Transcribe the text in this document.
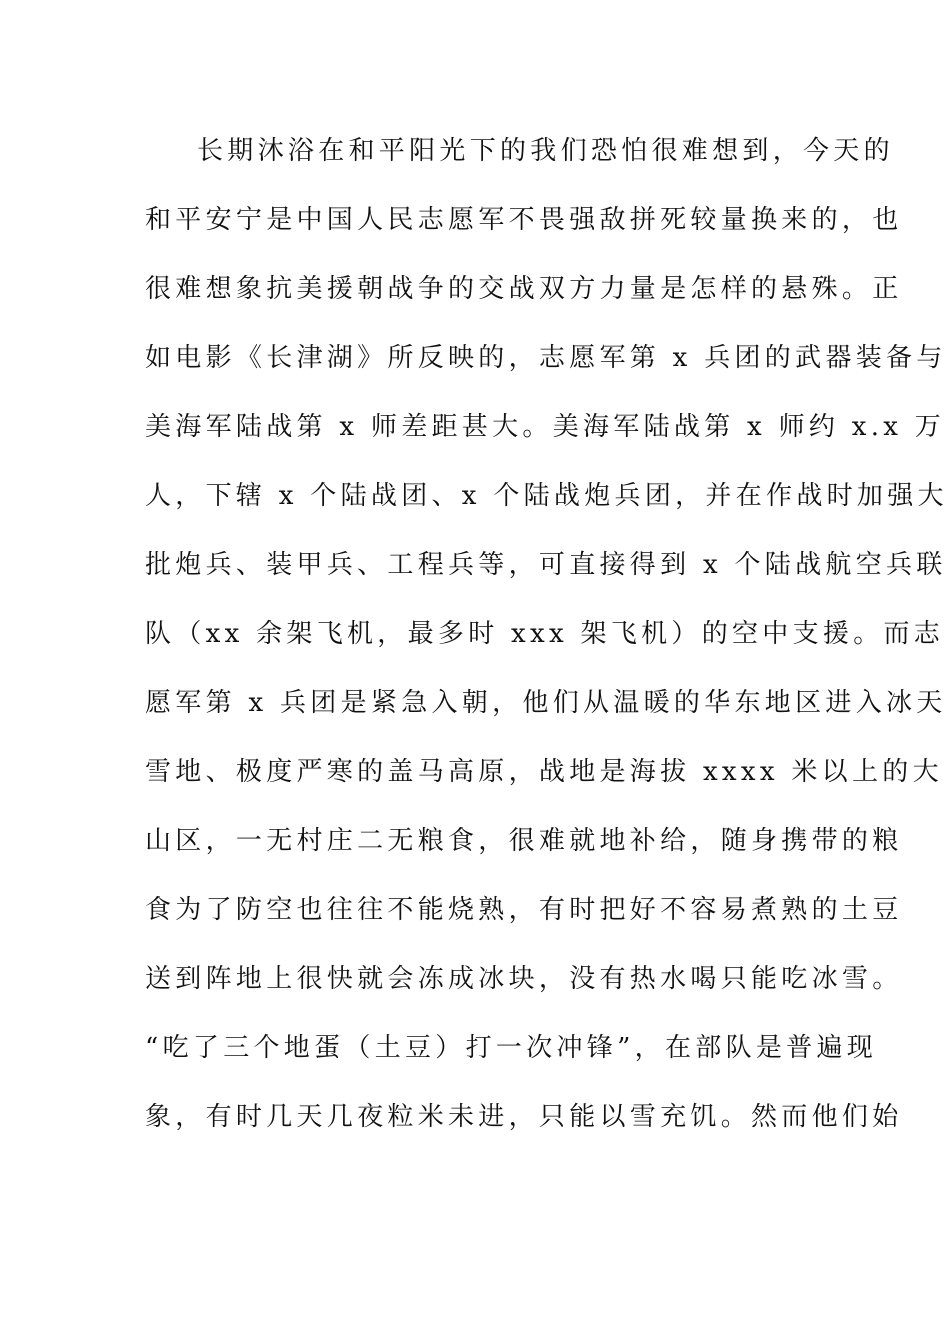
长期沐浴在和平阳光下的我们恐怕很难想到，今天的
和平安宁是中国人民志愿军不畏强敌拼死较量换来的，也
很难想象抗美援朝战争的交战双方力量是怎样的悬殊。正
如电影《长津湖》所反映的，志愿军第 x 兵团的武器装备与
美海军陆战第 x 师差距甚大。美海军陆战第 x 师约 x.x 万
人，下辖 x 个陆战团、x 个陆战炮兵团，并在作战时加强大
批炮兵、装甲兵、工程兵等，可直接得到 x 个陆战航空兵联
队（xx 余架飞机，最多时 xxx 架飞机）的空中支援。而志
愿军第 x 兵团是紧急入朝，他们从温暖的华东地区进入冰天
雪地、极度严寒的盖马高原，战地是海拔 xxxx 米以上的大
山区，一无村庄二无粮食，很难就地补给，随身携带的粮
食为了防空也往往不能烧熟，有时把好不容易煮熟的土豆
送到阵地上很快就会冻成冰块，没有热水喝只能吃冰雪。
“吃了三个地蛋（土豆）打一次冲锋”，在部队是普遍现
象，有时几天几夜粒米未进，只能以雪充饥。然而他们始
